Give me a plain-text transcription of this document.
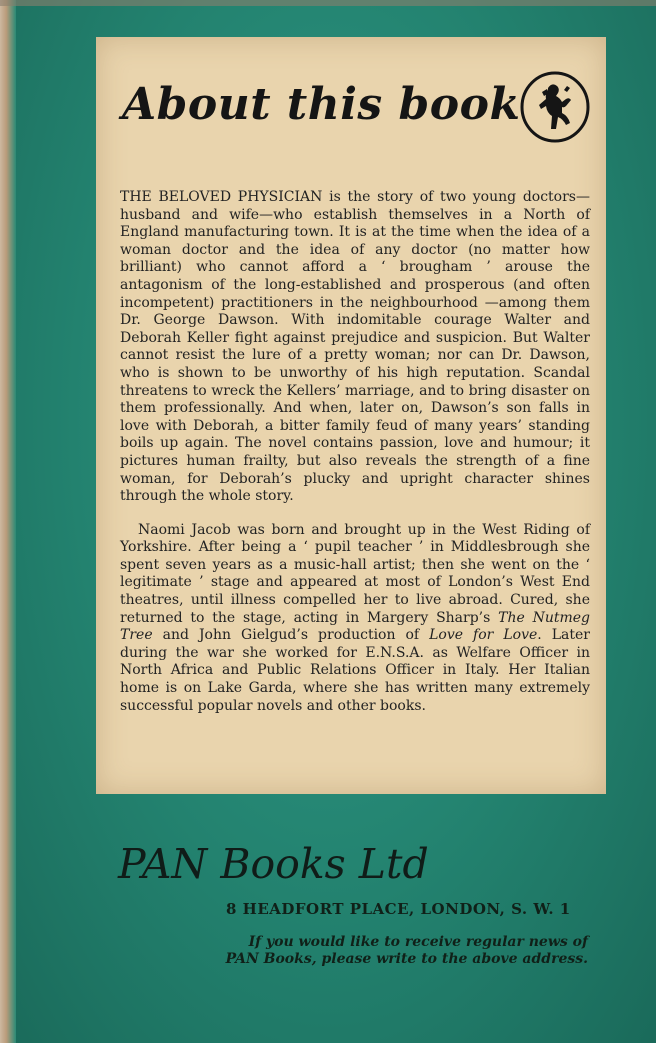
About this book

THE BELOVED PHYSICIAN is the story of two young doctors—husband and wife—who establish themselves in a North of England manufacturing town. It is at the time when the idea of a woman doctor and the idea of any doctor (no matter how brilliant) who cannot afford a ‘ brougham ’ arouse the antagonism of the long-established and prosperous (and often incompetent) practitioners in the neighbourhood —among them Dr. George Dawson. With indomitable courage Walter and Deborah Keller fight against prejudice and suspicion. But Walter cannot resist the lure of a pretty woman; nor can Dr. Dawson, who is shown to be unworthy of his high reputation. Scandal threatens to wreck the Kellers’ marriage, and to bring disaster on them professionally. And when, later on, Dawson’s son falls in love with Deborah, a bitter family feud of many years’ standing boils up again. The novel contains passion, love and humour; it pictures human frailty, but also reveals the strength of a fine woman, for Deborah’s plucky and upright character shines through the whole story.

Naomi Jacob was born and brought up in the West Riding of Yorkshire. After being a ‘ pupil teacher ’ in Middlesbrough she spent seven years as a music-hall artist; then she went on the ‘ legitimate ’ stage and appeared at most of London’s West End theatres, until illness compelled her to live abroad. Cured, she returned to the stage, acting in Margery Sharp’s The Nutmeg Tree and John Gielgud’s production of Love for Love. Later during the war she worked for E.N.S.A. as Welfare Officer in North Africa and Public Relations Officer in Italy. Her Italian home is on Lake Garda, where she has written many extremely successful popular novels and other books.

PAN Books Ltd

8 HEADFORT PLACE, LONDON, S. W. 1

If you would like to receive regular news of PAN Books, please write to the above address.
